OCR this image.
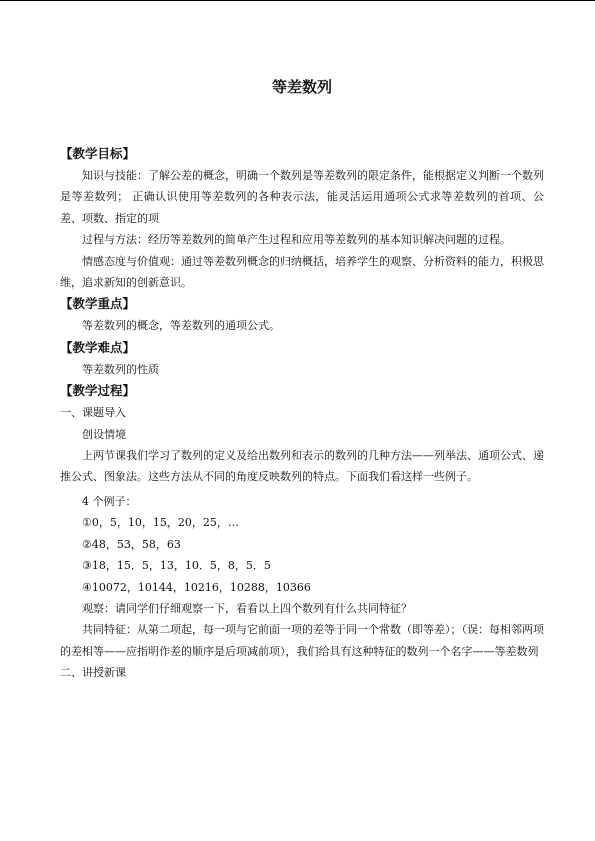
等差数列

【教学目标】

知识与技能：了解公差的概念，明确一个数列是等差数列的限定条件，能根据定义判断一个数列是等差数列； 正确认识使用等差数列的各种表示法，能灵活运用通项公式求等差数列的首项、公差、项数、指定的项

过程与方法：经历等差数列的简单产生过程和应用等差数列的基本知识解决问题的过程。

情感态度与价值观：通过等差数列概念的归纳概括，培养学生的观察、分析资料的能力，积极思维，追求新知的创新意识。

【教学重点】

等差数列的概念，等差数列的通项公式。

【教学难点】

等差数列的性质

【教学过程】

一、课题导入

创设情境

上两节课我们学习了数列的定义及给出数列和表示的数列的几种方法——列举法、通项公式、递推公式、图象法。这些方法从不同的角度反映数列的特点。下面我们看这样一些例子。

4 个例子：

①0，5，10，15，20，25，…

②48，53，58，63

③18，15．5，13，10．5，8，5．5

④10072，10144，10216，10288，10366

观察：请同学们仔细观察一下，看看以上四个数列有什么共同特征？

共同特征：从第二项起，每一项与它前面一项的差等于同一个常数（即等差）；（误：每相邻两项的差相等——应指明作差的顺序是后项减前项），我们给具有这种特征的数列一个名字——等差数列

二、讲授新课
